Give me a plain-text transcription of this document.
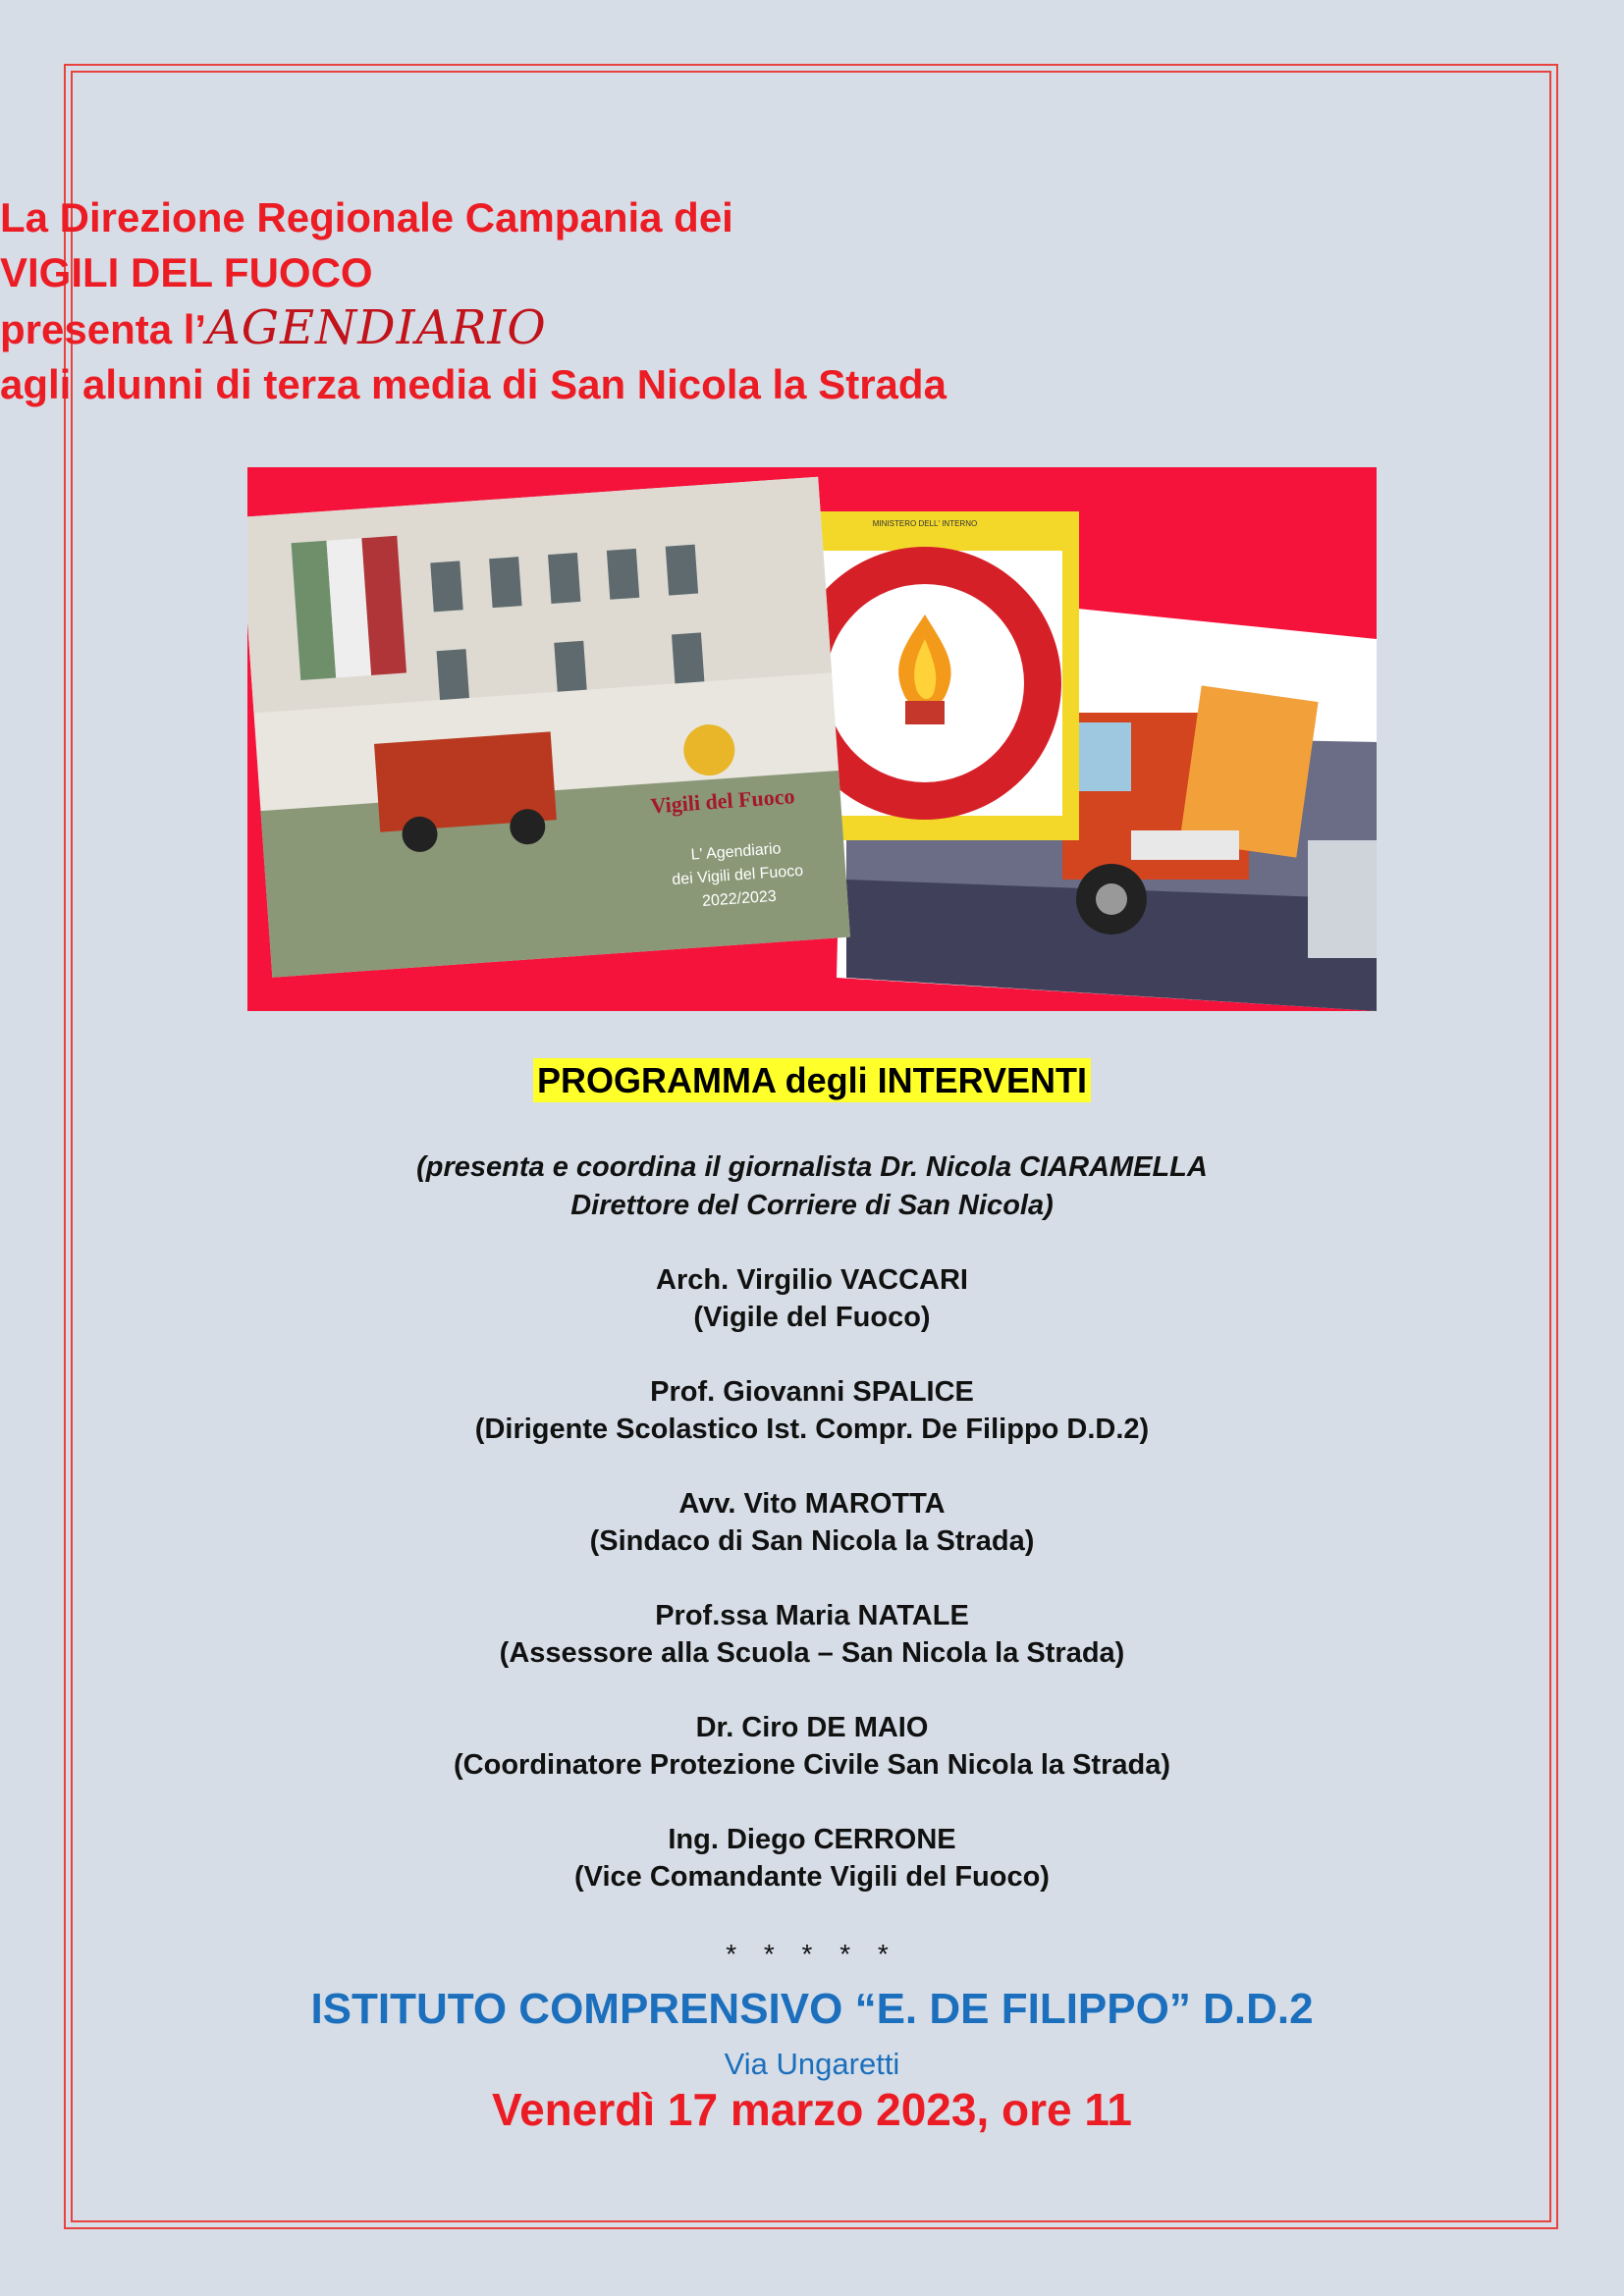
La Direzione Regionale Campania dei

VIGILI DEL FUOCO

presenta l’AGENDIARIO

agli alunni di terza media di San Nicola la Strada

MINISTERO DELL' INTERNO
Vigili del Fuoco
L' Agendiario
dei Vigili del Fuoco
2022/2023
PROGRAMMA degli INTERVENTI
(presenta e coordina il giornalista Dr. Nicola CIARAMELLA
Direttore del Corriere di San Nicola)
Arch. Virgilio VACCARI
(Vigile del Fuoco)
Prof. Giovanni SPALICE
(Dirigente Scolastico Ist. Compr. De Filippo D.D.2)
Avv. Vito MAROTTA
(Sindaco di San Nicola la Strada)
Prof.ssa Maria NATALE
(Assessore alla Scuola – San Nicola la Strada)
Dr. Ciro DE MAIO
(Coordinatore Protezione Civile San Nicola la Strada)
Ing. Diego CERRONE
(Vice Comandante Vigili del Fuoco)
* * * * *
ISTITUTO COMPRENSIVO “E. DE FILIPPO” D.D.2
Via Ungaretti
Venerdì 17 marzo 2023, ore 11
